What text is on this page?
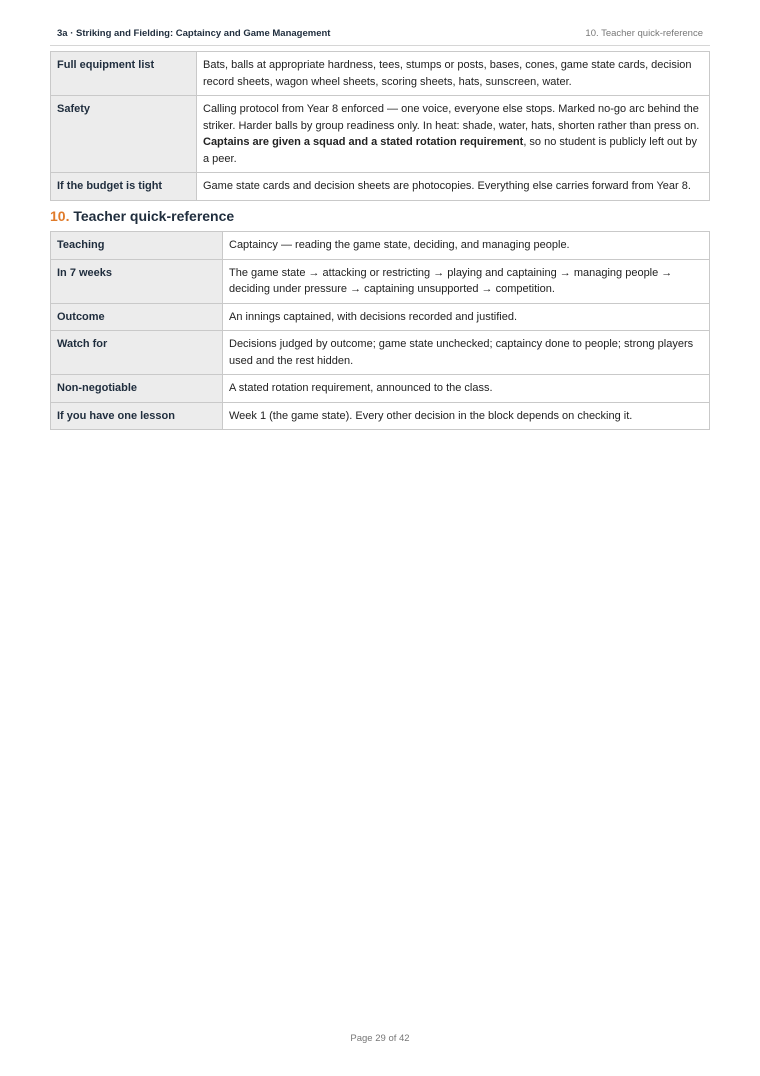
3a · Striking and Fielding: Captaincy and Game Management	10. Teacher quick-reference
Full equipment list	Bats, balls at appropriate hardness, tees, stumps or posts, bases, cones, game state cards, decision record sheets, wagon wheel sheets, scoring sheets, hats, sunscreen, water.
Safety	Calling protocol from Year 8 enforced — one voice, everyone else stops. Marked no-go arc behind the striker. Harder balls by group readiness only. In heat: shade, water, hats, shorten rather than press on. Captains are given a squad and a stated rotation requirement, so no student is publicly left out by a peer.
If the budget is tight	Game state cards and decision sheets are photocopies. Everything else carries forward from Year 8.
10. Teacher quick-reference
Teaching	Captaincy — reading the game state, deciding, and managing people.
In 7 weeks	The game state → attacking or restricting → playing and captaining → managing people → deciding under pressure → captaining unsupported → competition.
Outcome	An innings captained, with decisions recorded and justified.
Watch for	Decisions judged by outcome; game state unchecked; captaincy done to people; strong players used and the rest hidden.
Non-negotiable	A stated rotation requirement, announced to the class.
If you have one lesson	Week 1 (the game state). Every other decision in the block depends on checking it.
Page 29 of 42
